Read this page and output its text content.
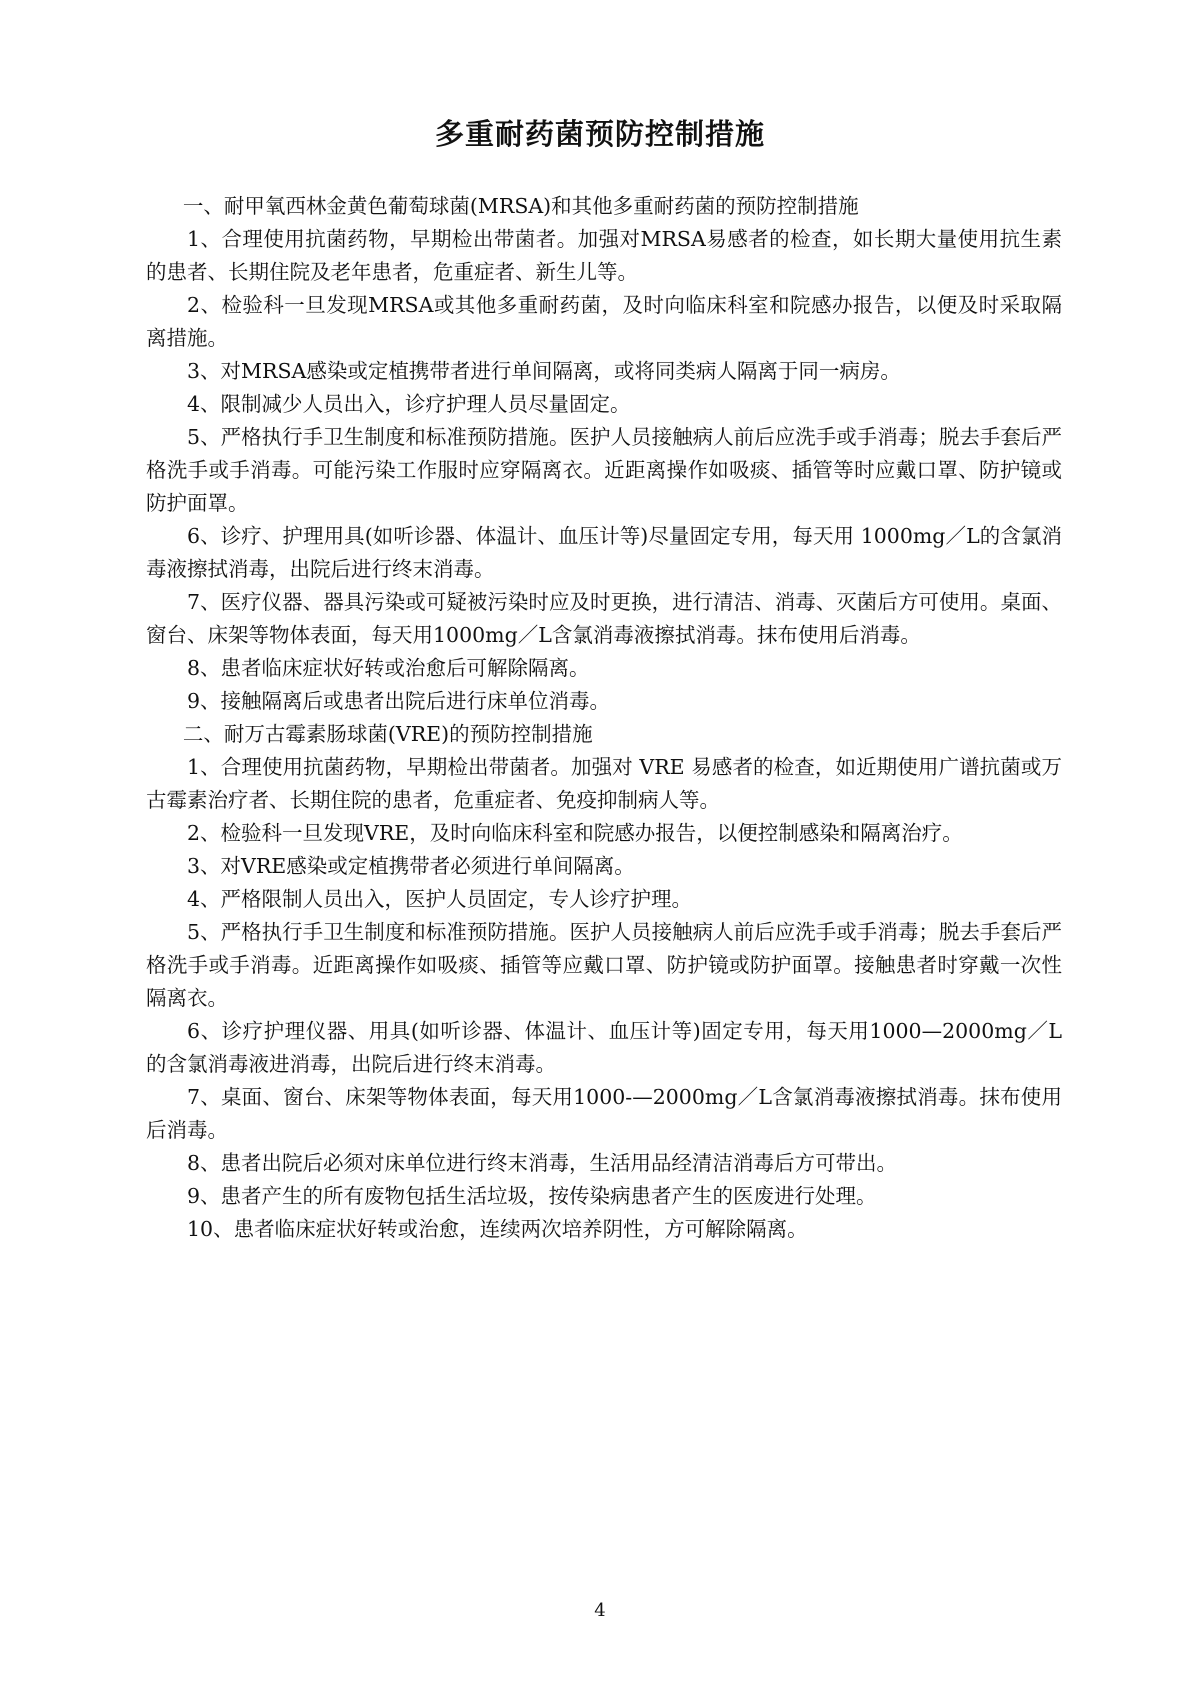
多重耐药菌预防控制措施

一、耐甲氧西林金黄色葡萄球菌(MRSA)和其他多重耐药菌的预防控制措施

1、合理使用抗菌药物，早期检出带菌者。加强对MRSA易感者的检查，如长期大量使用抗生素的患者、长期住院及老年患者，危重症者、新生儿等。

2、检验科一旦发现MRSA或其他多重耐药菌，及时向临床科室和院感办报告，以便及时采取隔离措施。

3、对MRSA感染或定植携带者进行单间隔离，或将同类病人隔离于同一病房。

4、限制减少人员出入，诊疗护理人员尽量固定。

5、严格执行手卫生制度和标准预防措施。医护人员接触病人前后应洗手或手消毒；脱去手套后严格洗手或手消毒。可能污染工作服时应穿隔离衣。近距离操作如吸痰、插管等时应戴口罩、防护镜或防护面罩。

6、诊疗、护理用具(如听诊器、体温计、血压计等)尽量固定专用，每天用 1000mg／L的含氯消毒液擦拭消毒，出院后进行终末消毒。

7、医疗仪器、器具污染或可疑被污染时应及时更换，进行清洁、消毒、灭菌后方可使用。桌面、窗台、床架等物体表面，每天用1000mg／L含氯消毒液擦拭消毒。抹布使用后消毒。

8、患者临床症状好转或治愈后可解除隔离。

9、接触隔离后或患者出院后进行床单位消毒。

二、耐万古霉素肠球菌(VRE)的预防控制措施

1、合理使用抗菌药物，早期检出带菌者。加强对 VRE 易感者的检查，如近期使用广谱抗菌或万古霉素治疗者、长期住院的患者，危重症者、免疫抑制病人等。

2、检验科一旦发现VRE，及时向临床科室和院感办报告，以便控制感染和隔离治疗。

3、对VRE感染或定植携带者必须进行单间隔离。

4、严格限制人员出入，医护人员固定，专人诊疗护理。

5、严格执行手卫生制度和标准预防措施。医护人员接触病人前后应洗手或手消毒；脱去手套后严格洗手或手消毒。近距离操作如吸痰、插管等应戴口罩、防护镜或防护面罩。接触患者时穿戴一次性隔离衣。

6、诊疗护理仪器、用具(如听诊器、体温计、血压计等)固定专用，每天用1000—2000mg／L的含氯消毒液进消毒，出院后进行终末消毒。

7、桌面、窗台、床架等物体表面，每天用1000-—2000mg／L含氯消毒液擦拭消毒。抹布使用后消毒。

8、患者出院后必须对床单位进行终末消毒，生活用品经清洁消毒后方可带出。

9、患者产生的所有废物包括生活垃圾，按传染病患者产生的医废进行处理。

10、患者临床症状好转或治愈，连续两次培养阴性，方可解除隔离。

4
